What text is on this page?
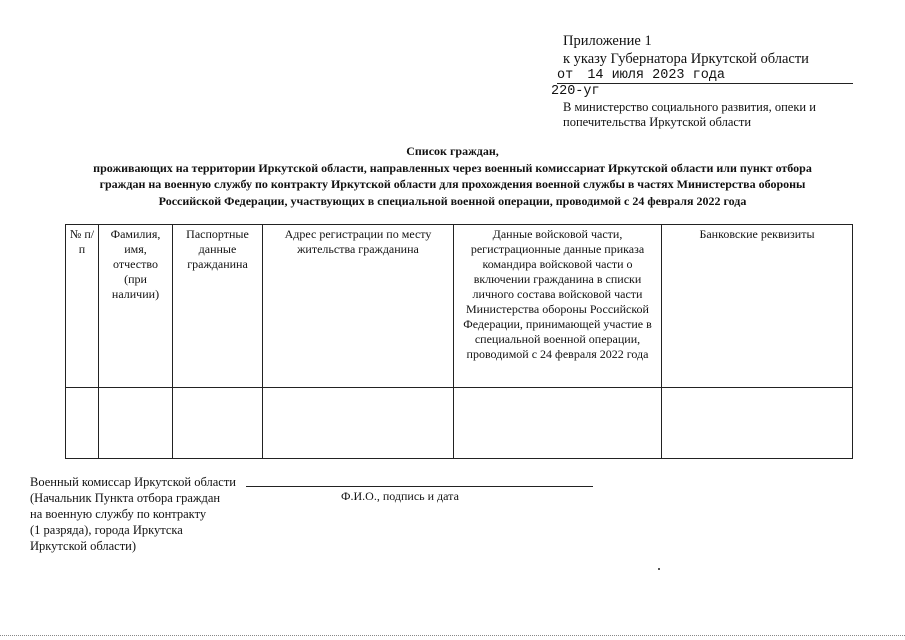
Приложение 1
к указу Губернатора Иркутской области
от 14 июля 2023 года
220-уг
В министерство социального развития, опеки и
попечительства Иркутской области
Список граждан,
проживающих на территории Иркутской области, направленных через военный комиссариат Иркутской области или пункт отбора
граждан на военную службу по контракту Иркутской области для прохождения военной службы в частях Министерства обороны
Российской Федерации, участвующих в специальной военной операции, проводимой с 24 февраля 2022 года
№ п/п	Фамилия, имя, отчество (при наличии)	Паспортные данные гражданина	Адрес регистрации по месту жительства гражданина	Данные войсковой части, регистрационные данные приказа командира войсковой части о включении гражданина в списки личного состава войсковой части Министерства обороны Российской Федерации, принимающей участие в специальной военной операции, проводимой с 24 февраля 2022 года	Банковские реквизиты

Военный комиссар Иркутской области
(Начальник Пункта отбора граждан
на военную службу по контракту
(1 разряда), города Иркутска
Иркутской области)
Ф.И.О., подпись и дата
